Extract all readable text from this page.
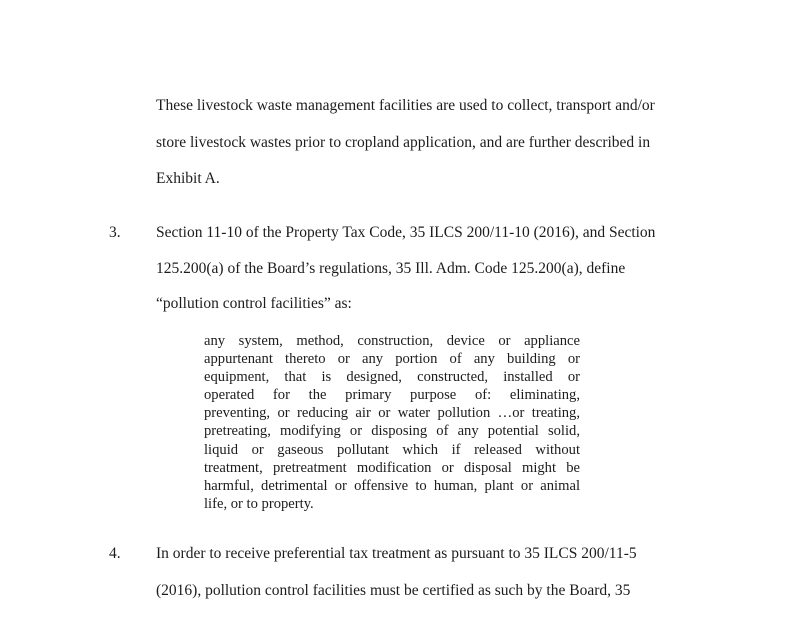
These livestock waste management facilities are used to collect, transport and/or
store livestock wastes prior to cropland application, and are further described in
Exhibit A.
3. Section 11-10 of the Property Tax Code, 35 ILCS 200/11-10 (2016), and Section
125.200(a) of the Board’s regulations, 35 Ill. Adm. Code 125.200(a), define
“pollution control facilities” as:
any system, method, construction, device or appliance
appurtenant thereto or any portion of any building or
equipment, that is designed, constructed, installed or
operated for the primary purpose of: eliminating,
preventing, or reducing air or water pollution …or treating,
pretreating, modifying or disposing of any potential solid,
liquid or gaseous pollutant which if released without
treatment, pretreatment modification or disposal might be
harmful, detrimental or offensive to human, plant or animal
life, or to property.
4. In order to receive preferential tax treatment as pursuant to 35 ILCS 200/11-5
(2016), pollution control facilities must be certified as such by the Board, 35
